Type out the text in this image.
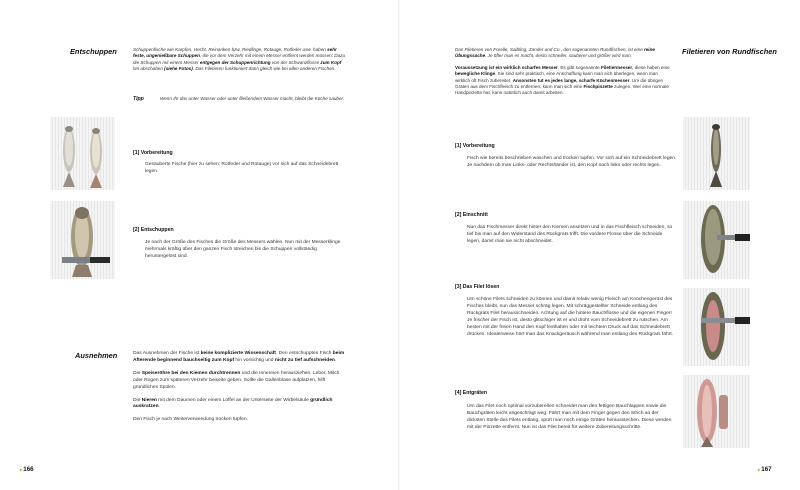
Entschuppen	Schuppenfische wie Karpfen, Hecht, Reinanken bzw. Riedlinge, Rotauge, Rotfeder usw. haben sehr feste, ungenießbare Schuppen, die vor dem Verzehr mit einem Messer entfernt werden müssen: Dazu die Schuppen mit einem Messer entgegen der Schuppenrichtung von der Schwanzflosse zum Kopf hin abschaben (siehe Fotos). Das Filetieren funktioniert dann gleich wie bei allen anderen Fischen.

Tipp	Wenn Ihr das unter Wasser oder unter fließendem Wasser macht, bleibt die Küche sauber.
[1] Vorbereitung
Gesäuberte Fische (hier zu sehen: Rotfeder und Rotauge) vor sich auf das Schneidebrett legen.
[2] Entschuppen
Je nach der Größe des Fisches die Größe des Messers wählen. Nun mit der Messerklinge mehrmals kräftig über den ganzen Fisch streichen bis die Schuppen vollständig heruntergelöst sind.
Ausnehmen	Das Ausnehmen der Fische ist keine komplizierte Wissenschaft. Den entschuppten Fisch beim Afterende beginnend bauchseitig zum Kopf hin vorsichtig und nicht zu tief aufschneiden.

Die Speiseröhre bei den Kiemen durchtrennen und die Innereien herausziehen. Leber, Milch oder Rogen zum späteren Verzehr beiseite geben. Sollte die Gallenblase aufplatzen, hilft gründliches Spülen.

Die Nieren mit dem Daumen oder einem Löffel an der Unterseite der Wirbelsäule gründlich auskratzen.

Den Fisch je nach Weiterverwendung trocken tupfen.

▸166

Das Filetieren von Forelle, Saibling, Zander und Co., den sogenannten Rundfischen, ist eine reine Übungssache. Je öfter man es macht, desto schneller, sauberer und größer wird man.

Voraussetzung ist ein wirklich scharfes Messer. Es gibt sogenannte Filetiermesser, diese haben eine bewegliche Klinge. Sie sind sehr praktisch, eine Anschaffung kann man sich überlegen, wenn man wirklich oft Fisch zubereitet. Ansonsten tut es jedes lange, scharfe Küchenmesser. Um die übrigen Gräten aus dem Fischfleisch zu entfernen, kann man sich eine Fischpinzette zulegen. Wer eine normale Handpinzette hat, kann natürlich auch damit arbeiten.

Filetieren von Rundfischen
[1] Vorbereitung
Fisch wie bereits beschrieben waschen und trocken tupfen. Vor sich auf ein Schneidebrett legen. Je nachdem ob man Links- oder Rechtshänder ist, den Kopf nach links oder rechts legen.
[2] Einschnitt
Nun das Fischmesser direkt hinter den Kiemen ansetzen und in das Fischfleisch schneiden, so tief bis man auf den Widerstand des Rückgrats trifft. Die vordere Flosse über die Schneide legen, damit man sie nicht abschneidet.
[3] Das Filet lösen
Um schöne Filets schneiden zu können und damit relativ wenig Fleisch am Knochengerüst des Fisches bleibt, nun das Messer schräg legen. Mit schräggestellter Schneide entlang des Rückgrats Filet herausschneiden. Achtung auf die hintere Bauchflosse und die eigenen Finger! Je frischer der Fisch ist, desto glitschiger ist er und droht vom Schneidebrett zu rutschen. Am besten mit der freien Hand den Kopf festhalten oder mit leichtem Druck auf das Schneidebrett drücken. Idealerweise hört man das Knackgeräusch während man entlang des Rückgrats fährt.
[4] Entgräten
Um das Filet noch optimal vorzubereiten schneidet man den fettigen Bauchlappen sowie die Bauchgräten leicht angeschrägt weg. Fährt man mit dem Finger gegen den Strich an der dicksten Stelle des Filets entlang, spürt man noch einige Gräten herausstechen. Diese werden mit der Pinzette entfernt. Nun ist das Filet bereit für weitere Zubereitungsschritte.
▸167
